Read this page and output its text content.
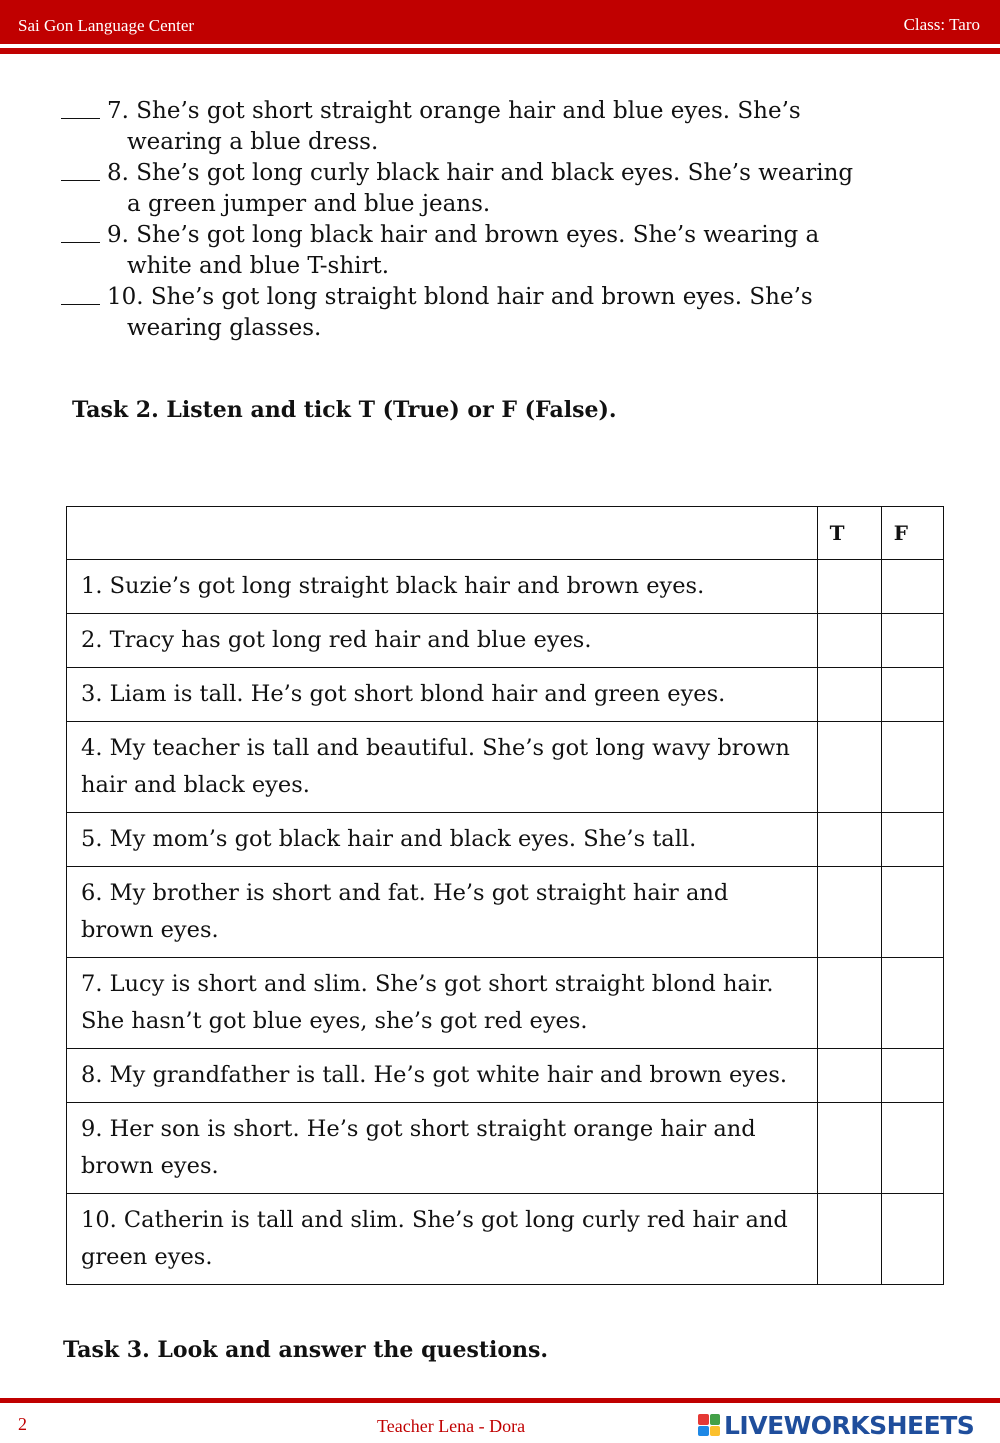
Sai Gon Language Center	Class: Taro
7. She’s got short straight orange hair and blue eyes. She’s
wearing a blue dress.
8. She’s got long curly black hair and black eyes. She’s wearing
a green jumper and blue jeans.
9. She’s got long black hair and brown eyes. She’s wearing a
white and blue T-shirt.
10. She’s got long straight blond hair and brown eyes. She’s
wearing glasses.
Task 2. Listen and tick T (True) or F (False).
	T	F
1. Suzie’s got long straight black hair and brown eyes.		
2. Tracy has got long red hair and blue eyes.		
3. Liam is tall. He’s got short blond hair and green eyes.		
4. My teacher is tall and beautiful. She’s got long wavy brown hair and black eyes.		
5. My mom’s got black hair and black eyes. She’s tall.		
6. My brother is short and fat. He’s got straight hair and brown eyes.		
7. Lucy is short and slim. She’s got short straight blond hair. She hasn’t got blue eyes, she’s got red eyes.		
8. My grandfather is tall. He’s got white hair and brown eyes.		
9. Her son is short. He’s got short straight orange hair and brown eyes.		
10. Catherin is tall and slim. She’s got long curly red hair and green eyes.		
Task 3. Look and answer the questions.
2	Teacher Lena - Dora	LIVEWORKSHEETS
